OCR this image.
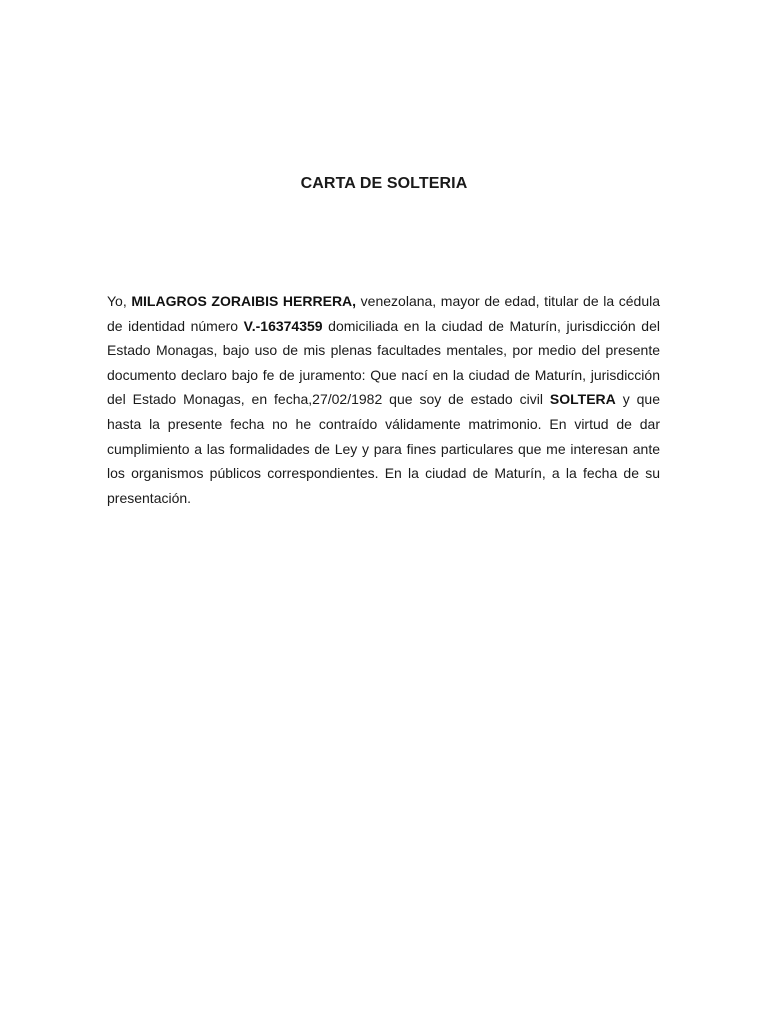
CARTA DE SOLTERIA

Yo, MILAGROS ZORAIBIS HERRERA, venezolana, mayor de edad, titular de la cédula de identidad número V.-16374359 domiciliada en la ciudad de Maturín, jurisdicción del Estado Monagas, bajo uso de mis plenas facultades mentales, por medio del presente documento declaro bajo fe de juramento: Que nací en la ciudad de Maturín, jurisdicción del Estado Monagas, en fecha,27/02/1982 que soy de estado civil SOLTERA y que hasta la presente fecha no he contraído válidamente matrimonio. En virtud de dar cumplimiento a las formalidades de Ley y para fines particulares que me interesan ante los organismos públicos correspondientes. En la ciudad de Maturín, a la fecha de su presentación.
